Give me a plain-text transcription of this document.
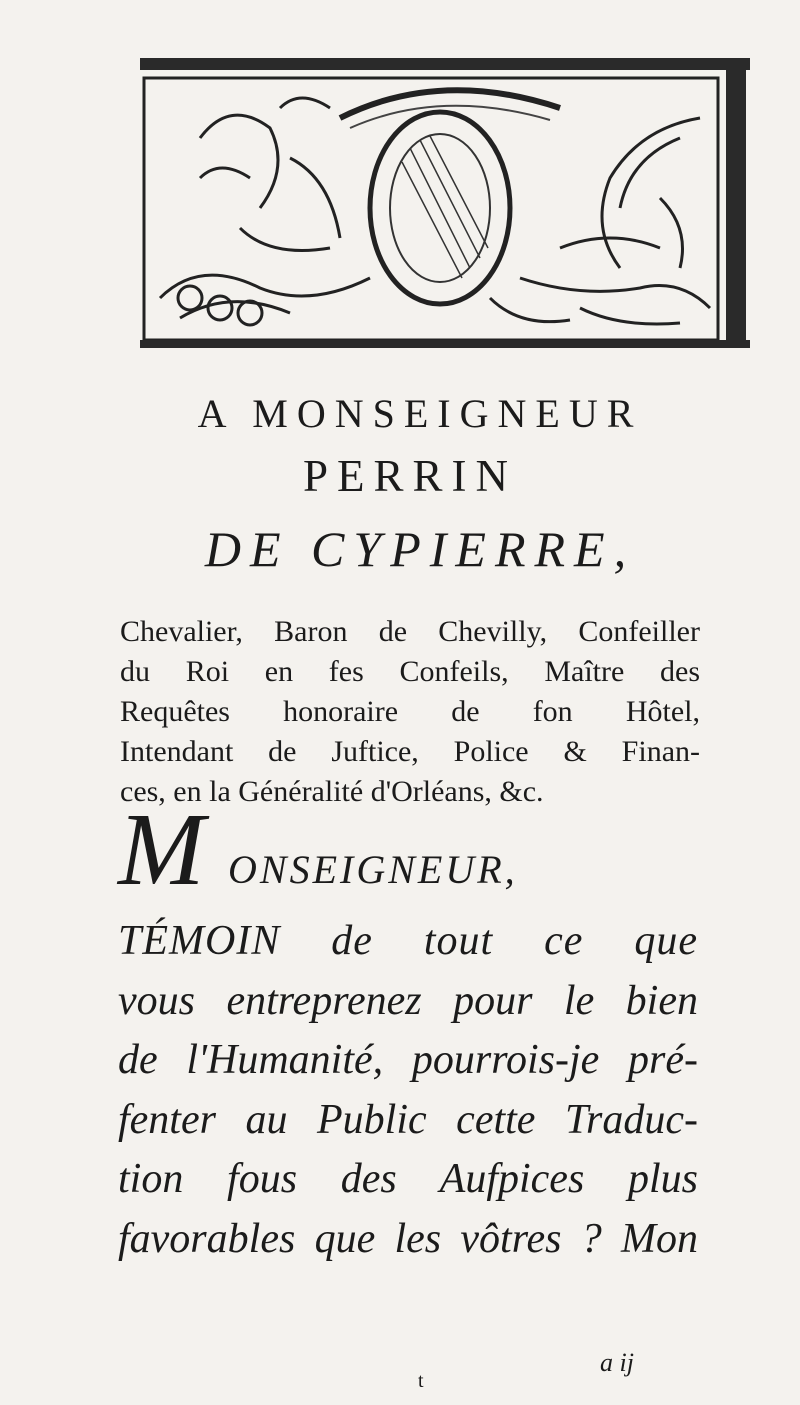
A MONSEIGNEUR
PERRIN
DE CYPIERRE,
Chevalier, Baron de Chevilly, Confeiller
du Roi en fes Confeils, Maître des
Requêtes honoraire de fon Hôtel,
Intendant de Juftice, Police & Finan-
ces, en la Généralité d'Orléans, &c.
M ONSEIGNEUR,
TÉMOIN de tout ce que
vous entreprenez pour le bien
de l'Humanité, pourrois-je pré-
fenter au Public cette Traduc-
tion fous des Aufpices plus
favorables que les vôtres ? Mon
a ij
t
